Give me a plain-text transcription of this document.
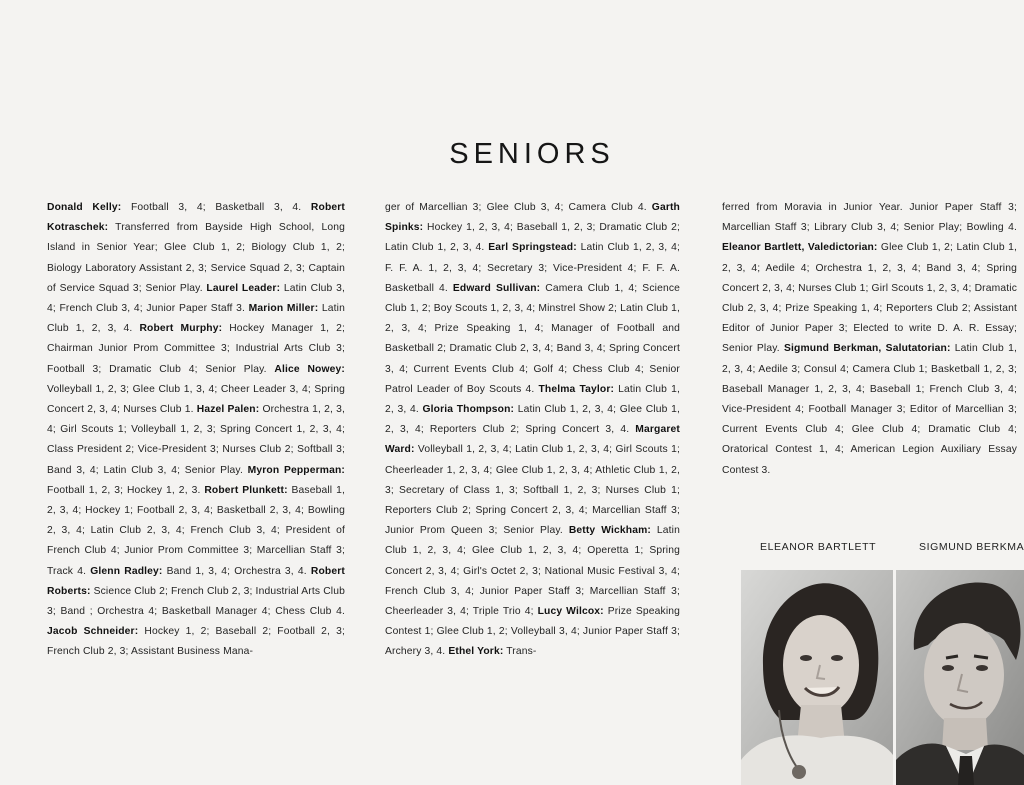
SENIORS
Donald Kelly: Football 3, 4; Basketball 3, 4. Robert Kotraschek: Transferred from Bayside High School, Long Island in Senior Year; Glee Club 1, 2; Biology Club 1, 2; Biology Laboratory Assistant 2, 3; Service Squad 2, 3; Captain of Service Squad 3; Senior Play. Laurel Leader: Latin Club 3, 4; French Club 3, 4; Junior Paper Staff 3. Marion Miller: Latin Club 1, 2, 3, 4. Robert Murphy: Hockey Manager 1, 2; Chairman Junior Prom Committee 3; Industrial Arts Club 3; Football 3; Dramatic Club 4; Senior Play. Alice Nowey: Volleyball 1, 2, 3; Glee Club 1, 3, 4; Cheer Leader 3, 4; Spring Concert 2, 3, 4; Nurses Club 1. Hazel Palen: Orchestra 1, 2, 3, 4; Girl Scouts 1; Volleyball 1, 2, 3; Spring Concert 1, 2, 3, 4; Class President 2; Vice-President 3; Nurses Club 2; Softball 3; Band 3, 4; Latin Club 3, 4; Senior Play. Myron Pepperman: Football 1, 2, 3; Hockey 1, 2, 3. Robert Plunkett: Baseball 1, 2, 3, 4; Hockey 1; Football 2, 3, 4; Basketball 2, 3, 4; Bowling 2, 3, 4; Latin Club 2, 3, 4; French Club 3, 4; President of French Club 4; Junior Prom Committee 3; Marcellian Staff 3; Track 4. Glenn Radley: Band 1, 3, 4; Orchestra 3, 4. Robert Roberts: Science Club 2; French Club 2, 3; Industrial Arts Club 3; Band ; Orchestra 4; Basketball Manager 4; Chess Club 4. Jacob Schneider: Hockey 1, 2; Baseball 2; Football 2, 3; French Club 2, 3; Assistant Business Mana-
ger of Marcellian 3; Glee Club 3, 4; Camera Club 4. Garth Spinks: Hockey 1, 2, 3, 4; Baseball 1, 2, 3; Dramatic Club 2; Latin Club 1, 2, 3, 4. Earl Springstead: Latin Club 1, 2, 3, 4; F. F. A. 1, 2, 3, 4; Secretary 3; Vice-President 4; F. F. A. Basketball 4. Edward Sullivan: Camera Club 1, 4; Science Club 1, 2; Boy Scouts 1, 2, 3, 4; Minstrel Show 2; Latin Club 1, 2, 3, 4; Prize Speaking 1, 4; Manager of Football and Basketball 2; Dramatic Club 2, 3, 4; Band 3, 4; Spring Concert 3, 4; Current Events Club 4; Golf 4; Chess Club 4; Senior Patrol Leader of Boy Scouts 4. Thelma Taylor: Latin Club 1, 2, 3, 4. Gloria Thompson: Latin Club 1, 2, 3, 4; Glee Club 1, 2, 3, 4; Reporters Club 2; Spring Concert 3, 4. Margaret Ward: Volleyball 1, 2, 3, 4; Latin Club 1, 2, 3, 4; Girl Scouts 1; Cheerleader 1, 2, 3, 4; Glee Club 1, 2, 3, 4; Athletic Club 1, 2, 3; Secretary of Class 1, 3; Softball 1, 2, 3; Nurses Club 1; Reporters Club 2; Spring Concert 2, 3, 4; Marcellian Staff 3; Junior Prom Queen 3; Senior Play. Betty Wickham: Latin Club 1, 2, 3, 4; Glee Club 1, 2, 3, 4; Operetta 1; Spring Concert 2, 3, 4; Girl's Octet 2, 3; National Music Festival 3, 4; French Club 3, 4; Junior Paper Staff 3; Marcellian Staff 3; Cheerleader 3, 4; Triple Trio 4; Lucy Wilcox: Prize Speaking Contest 1; Glee Club 1, 2; Volleyball 3, 4; Junior Paper Staff 3; Archery 3, 4. Ethel York: Trans-
ferred from Moravia in Junior Year. Junior Paper Staff 3; Marcellian Staff 3; Library Club 3, 4; Senior Play; Bowling 4. Eleanor Bartlett, Valedictorian: Glee Club 1, 2; Latin Club 1, 2, 3, 4; Aedile 4; Orchestra 1, 2, 3, 4; Band 3, 4; Spring Concert 2, 3, 4; Nurses Club 1; Girl Scouts 1, 2, 3, 4; Dramatic Club 2, 3, 4; Prize Speaking 1, 4; Reporters Club 2; Assistant Editor of Junior Paper 3; Elected to write D. A. R. Essay; Senior Play. Sigmund Berkman, Salutatorian: Latin Club 1, 2, 3, 4; Aedile 3; Consul 4; Camera Club 1; Basketball 1, 2, 3; Baseball Manager 1, 2, 3, 4; Baseball 1; French Club 3, 4; Vice-President 4; Football Manager 3; Editor of Marcellian 3; Current Events Club 4; Glee Club 4; Dramatic Club 4; Oratorical Contest 1, 4; American Legion Auxiliary Essay Contest 3.
ELEANOR BARTLETT	SIGMUND BERKMA
